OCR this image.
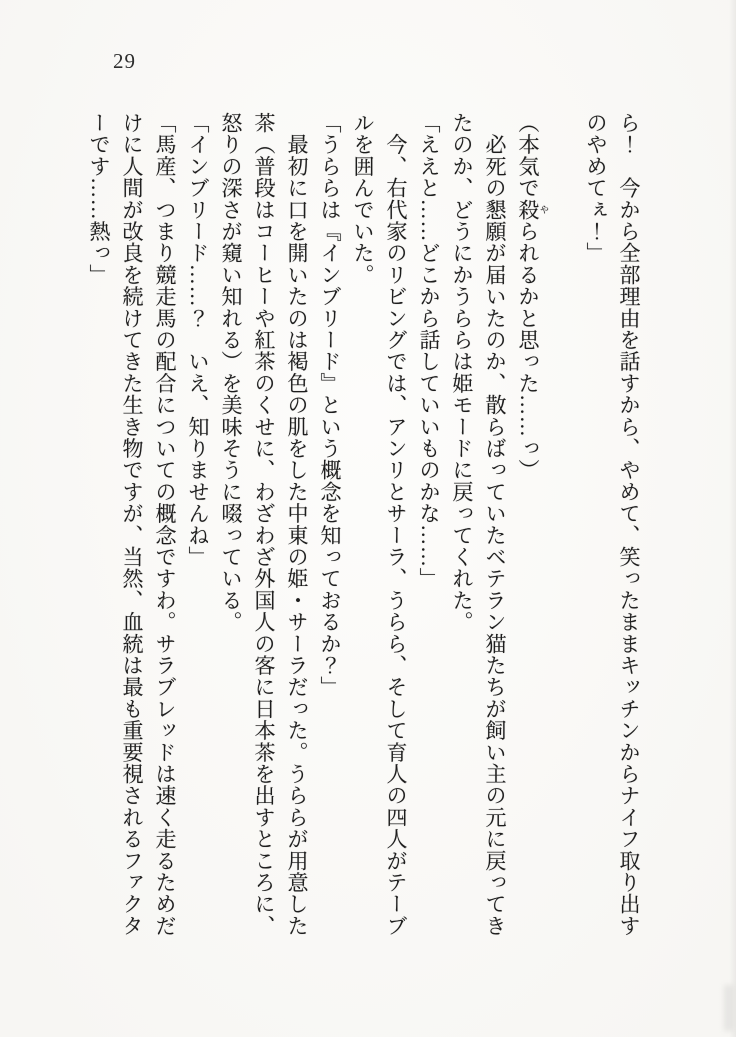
29
ら！　今から全部理由を話すから、やめて、笑ったままキッチンからナイフ取り出す
のやめてぇ！」
（本気で殺 やられるかと思った……っ）
　必死の懇願が届いたのか、散らばっていたベテラン猫たちが飼い主の元に戻ってき
たのか、どうにかうららは姫モードに戻ってくれた。
「ええと……どこから話していいものかな……」
　今、右代家のリビングでは、アンリとサーラ、うらら、そして育人の四人がテーブ
ルを囲んでいた。
「うららは『インブリード』という概念を知っておるか？」
　最初に口を開いたのは褐色の肌をした中東の姫・サーラだった。うららが用意した
茶（普段はコーヒーや紅茶のくせに、わざわざ外国人の客に日本茶を出すところに、
怒りの深さが窺い知れる）を美味そうに啜っている。
「インブリード……？　いえ、知りませんね」
「馬産、つまり競走馬の配合についての概念ですわ。サラブレッドは速く走るためだ
けに人間が改良を続けてきた生き物ですが、当然、血統は最も重要視されるファクタ
ーです……熱っ」
